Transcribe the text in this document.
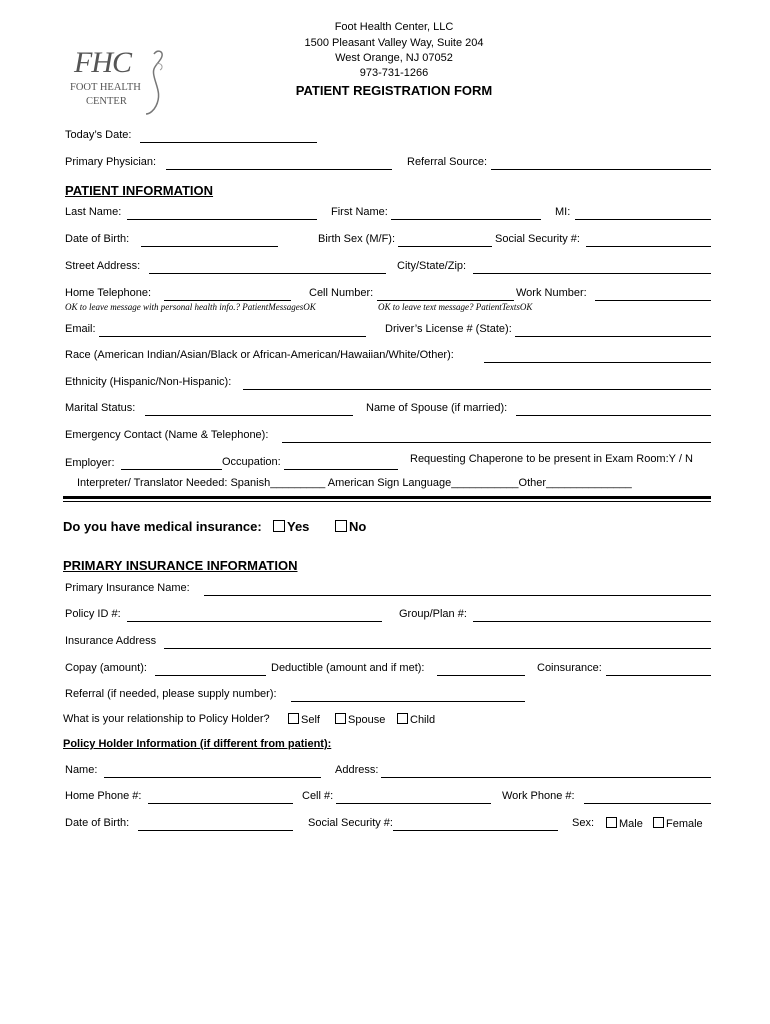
FHC
FOOT HEALTH
CENTER
Foot Health Center, LLC
1500 Pleasant Valley Way, Suite 204
West Orange, NJ 07052
973-731-1266
PATIENT REGISTRATION FORM
Today’s Date:
Primary Physician:	Referral Source:
PATIENT INFORMATION
Last Name:	First Name:	MI:
Date of Birth:	Birth Sex (M/F):	Social Security #:
Street Address:	City/State/Zip:
Home Telephone:	Cell Number:	Work Number:
OK to leave message with personal health info.? PatientMessagesOK	OK to leave text message? PatientTextsOK
Email:	Driver’s License # (State):
Race (American Indian/Asian/Black or African-American/Hawaiian/White/Other):
Ethnicity (Hispanic/Non-Hispanic):
Marital Status:	Name of Spouse (if married):
Emergency Contact (Name & Telephone):
Employer:	Occupation:	Requesting Chaperone to be present in Exam Room:Y / N
Interpreter/ Translator Needed: Spanish_________ American Sign Language___________Other______________
Do you have medical insurance:	Yes	No
PRIMARY INSURANCE INFORMATION
Primary Insurance Name:
Policy ID #:	Group/Plan #:
Insurance Address
Copay (amount):	Deductible (amount and if met):	Coinsurance:
Referral (if needed, please supply number):
What is your relationship to Policy Holder?	Self	Spouse	Child
Policy Holder Information (if different from patient):
Name:	Address:
Home Phone #:	Cell #:	Work Phone #:
Date of Birth:	Social Security #:	Sex:	Male	Female
